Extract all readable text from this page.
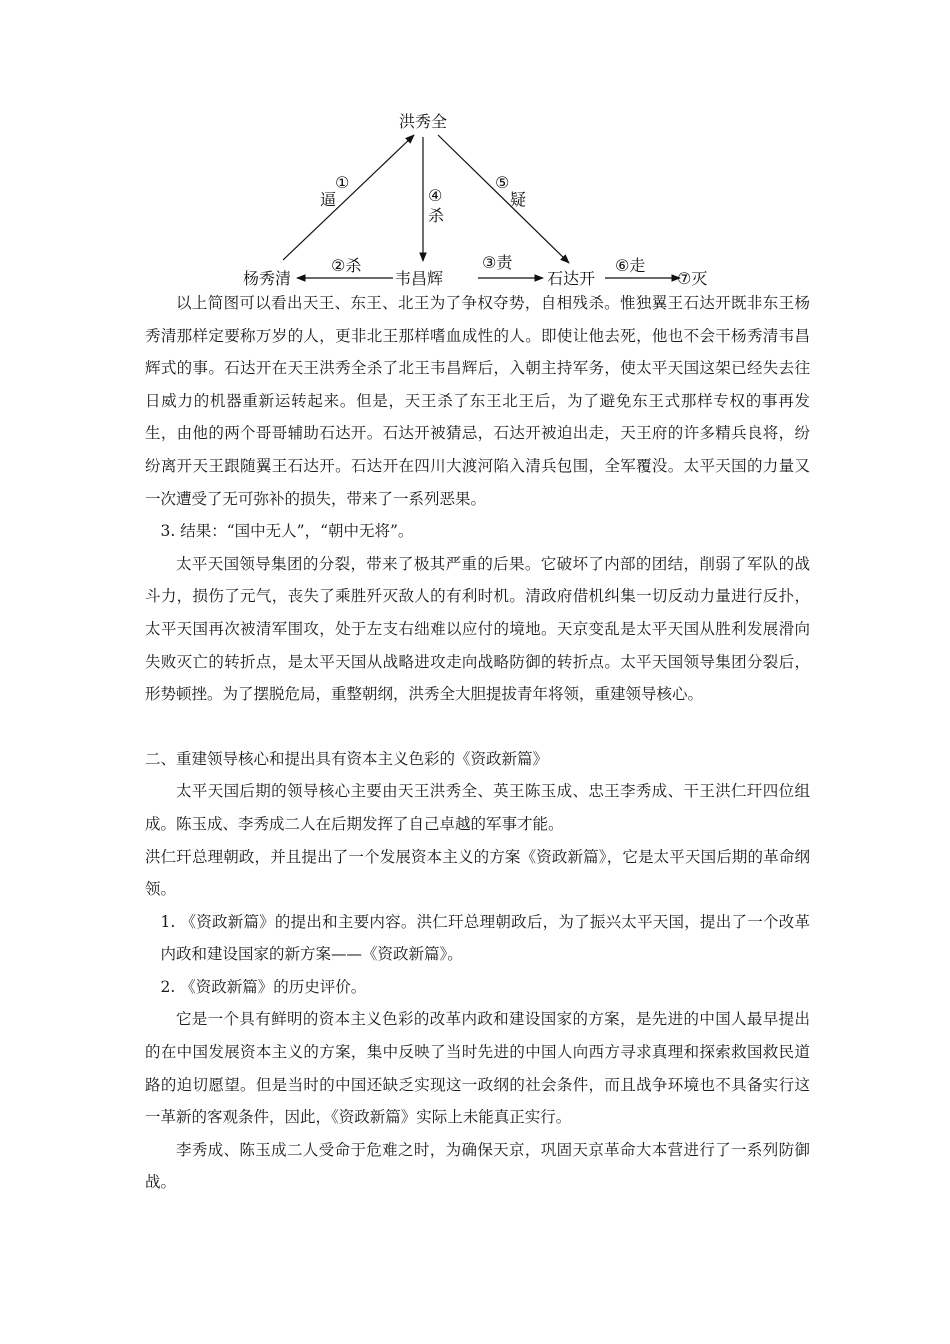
洪秀全
杨秀清	韦昌辉	石达开	⑦灭
①
逼
②杀	③责
④
杀
⑤
疑
⑥走

以上简图可以看出天王、东王、北王为了争权夺势，自相残杀。惟独翼王石达开既非东王杨秀清那样定要称万岁的人，更非北王那样嗜血成性的人。即使让他去死，他也不会干杨秀清韦昌辉式的事。石达开在天王洪秀全杀了北王韦昌辉后，入朝主持军务，使太平天国这架已经失去往日威力的机器重新运转起来。但是，天王杀了东王北王后，为了避免东王式那样专权的事再发生，由他的两个哥哥辅助石达开。石达开被猜忌，石达开被迫出走，天王府的许多精兵良将，纷纷离开天王跟随翼王石达开。石达开在四川大渡河陷入清兵包围，全军覆没。太平天国的力量又一次遭受了无可弥补的损失，带来了一系列恶果。

3. 结果：“国中无人”，“朝中无将”。

太平天国领导集团的分裂，带来了极其严重的后果。它破坏了内部的团结，削弱了军队的战斗力，损伤了元气，丧失了乘胜歼灭敌人的有利时机。清政府借机纠集一切反动力量进行反扑，太平天国再次被清军围攻，处于左支右绌难以应付的境地。天京变乱是太平天国从胜利发展滑向失败灭亡的转折点，是太平天国从战略进攻走向战略防御的转折点。太平天国领导集团分裂后，形势顿挫。为了摆脱危局，重整朝纲，洪秀全大胆提拔青年将领，重建领导核心。

二、重建领导核心和提出具有资本主义色彩的《资政新篇》

太平天国后期的领导核心主要由天王洪秀全、英王陈玉成、忠王李秀成、干王洪仁玕四位组成。陈玉成、李秀成二人在后期发挥了自己卓越的军事才能。

洪仁玕总理朝政，并且提出了一个发展资本主义的方案《资政新篇》，它是太平天国后期的革命纲领。

1. 《资政新篇》的提出和主要内容。洪仁玕总理朝政后，为了振兴太平天国，提出了一个改革内政和建设国家的新方案——《资政新篇》。

2. 《资政新篇》的历史评价。

它是一个具有鲜明的资本主义色彩的改革内政和建设国家的方案，是先进的中国人最早提出的在中国发展资本主义的方案，集中反映了当时先进的中国人向西方寻求真理和探索救国救民道路的迫切愿望。但是当时的中国还缺乏实现这一政纲的社会条件，而且战争环境也不具备实行这一革新的客观条件，因此，《资政新篇》实际上未能真正实行。

李秀成、陈玉成二人受命于危难之时，为确保天京，巩固天京革命大本营进行了一系列防御战。
